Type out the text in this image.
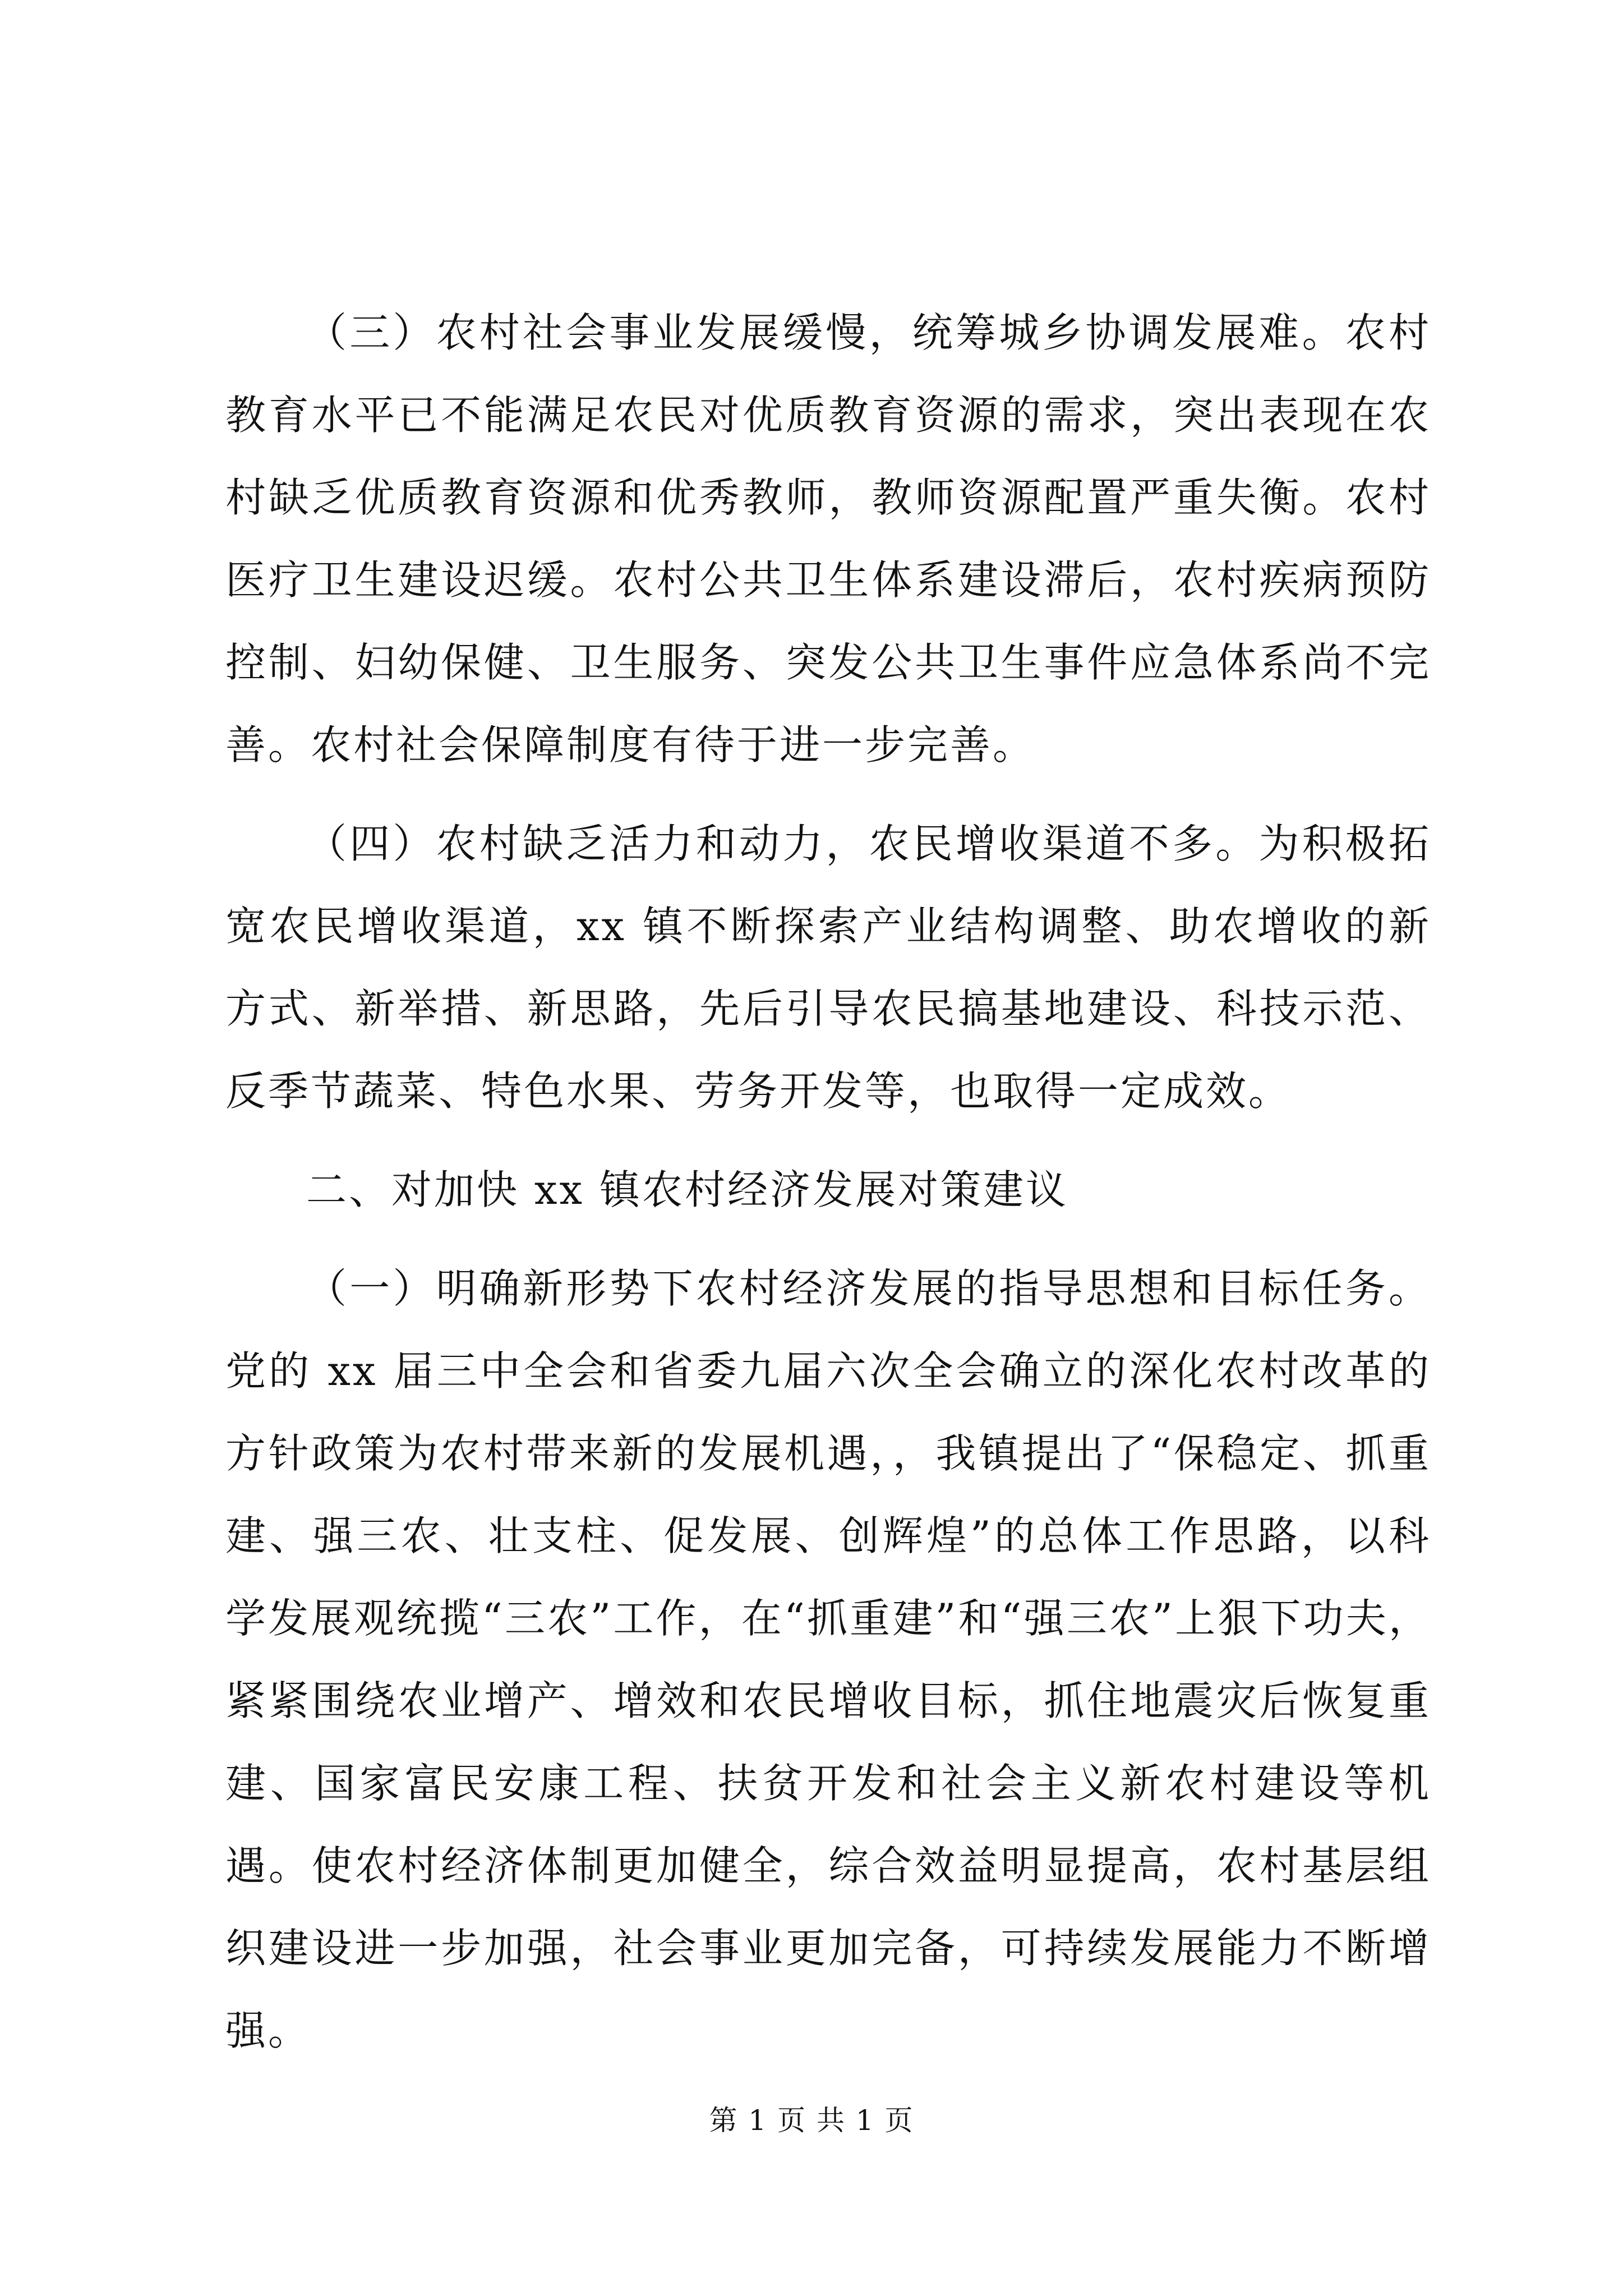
（三）农村社会事业发展缓慢，统筹城乡协调发展难。农村教育水平已不能满足农民对优质教育资源的需求，突出表现在农村缺乏优质教育资源和优秀教师，教师资源配置严重失衡。农村医疗卫生建设迟缓。农村公共卫生体系建设滞后，农村疾病预防控制、妇幼保健、卫生服务、突发公共卫生事件应急体系尚不完善。农村社会保障制度有待于进一步完善。

（四）农村缺乏活力和动力，农民增收渠道不多。为积极拓宽农民增收渠道，xx 镇不断探索产业结构调整、助农增收的新方式、新举措、新思路，先后引导农民搞基地建设、科技示范、反季节蔬菜、特色水果、劳务开发等，也取得一定成效。

二、对加快 xx 镇农村经济发展对策建议

（一）明确新形势下农村经济发展的指导思想和目标任务。党的 xx 届三中全会和省委九届六次全会确立的深化农村改革的方针政策为农村带来新的发展机遇，，我镇提出了“保稳定、抓重建、强三农、壮支柱、促发展、创辉煌”的总体工作思路，以科学发展观统揽“三农”工作，在“抓重建”和“强三农”上狠下功夫，紧紧围绕农业增产、增效和农民增收目标，抓住地震灾后恢复重建、国家富民安康工程、扶贫开发和社会主义新农村建设等机遇。使农村经济体制更加健全，综合效益明显提高，农村基层组织建设进一步加强，社会事业更加完备，可持续发展能力不断增强。

第 1 页 共 1 页
